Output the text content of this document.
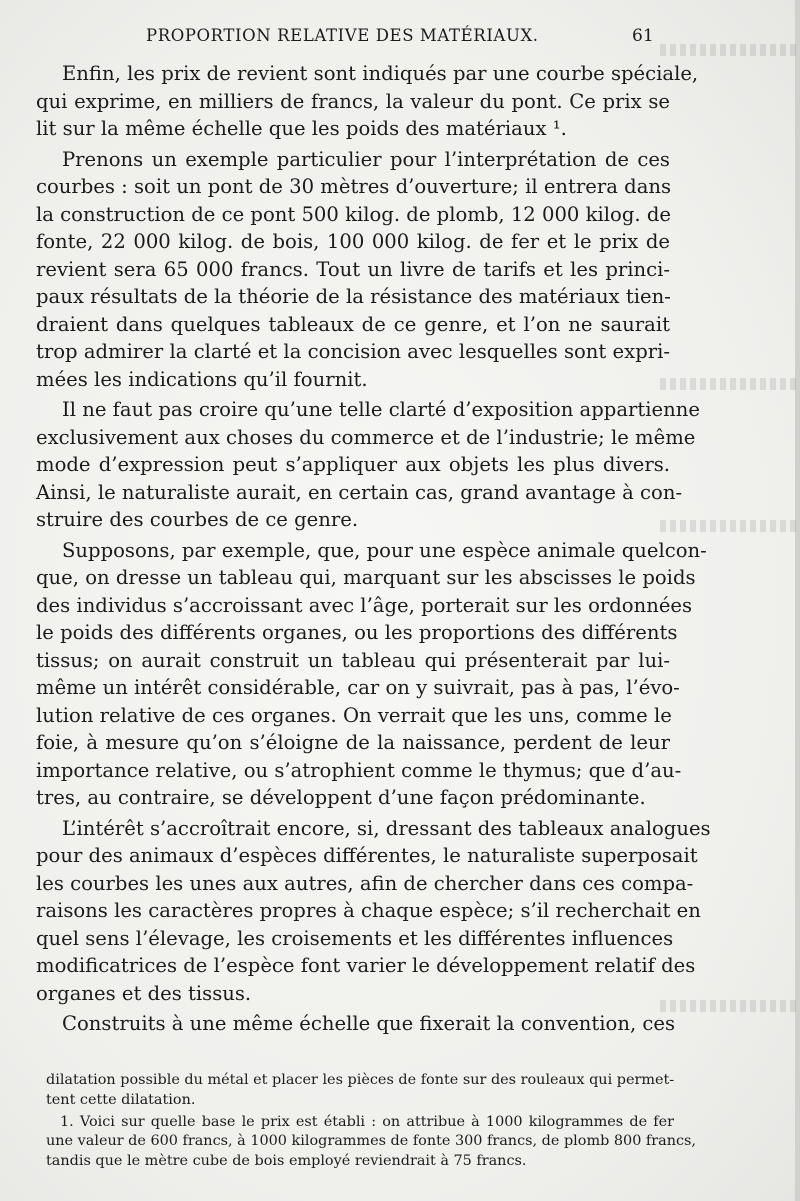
PROPORTION RELATIVE DES MATÉRIAUX.	61
Enfin, les prix de revient sont indiqués par une courbe spéciale,
qui exprime, en milliers de francs, la valeur du pont. Ce prix se
lit sur la même échelle que les poids des matériaux ¹.
Prenons un exemple particulier pour l’interprétation de ces
courbes : soit un pont de 30 mètres d’ouverture; il entrera dans
la construction de ce pont 500 kilog. de plomb, 12 000 kilog. de
fonte, 22 000 kilog. de bois, 100 000 kilog. de fer et le prix de
revient sera 65 000 francs. Tout un livre de tarifs et les princi-
paux résultats de la théorie de la résistance des matériaux tien-
draient dans quelques tableaux de ce genre, et l’on ne saurait
trop admirer la clarté et la concision avec lesquelles sont expri-
mées les indications qu’il fournit.
Il ne faut pas croire qu’une telle clarté d’exposition appartienne
exclusivement aux choses du commerce et de l’industrie; le même
mode d’expression peut s’appliquer aux objets les plus divers.
Ainsi, le naturaliste aurait, en certain cas, grand avantage à con-
struire des courbes de ce genre.
Supposons, par exemple, que, pour une espèce animale quelcon-
que, on dresse un tableau qui, marquant sur les abscisses le poids
des individus s’accroissant avec l’âge, porterait sur les ordonnées
le poids des différents organes, ou les proportions des différents
tissus; on aurait construit un tableau qui présenterait par lui-
même un intérêt considérable, car on y suivrait, pas à pas, l’évo-
lution relative de ces organes. On verrait que les uns, comme le
foie, à mesure qu’on s’éloigne de la naissance, perdent de leur
importance relative, ou s’atrophient comme le thymus; que d’au-
tres, au contraire, se développent d’une façon prédominante.
L’intérêt s’accroîtrait encore, si, dressant des tableaux analogues
pour des animaux d’espèces différentes, le naturaliste superposait
les courbes les unes aux autres, afin de chercher dans ces compa-
raisons les caractères propres à chaque espèce; s’il recherchait en
quel sens l’élevage, les croisements et les différentes influences
modificatrices de l’espèce font varier le développement relatif des
organes et des tissus.
Construits à une même échelle que fixerait la convention, ces
dilatation possible du métal et placer les pièces de fonte sur des rouleaux qui permet-
tent cette dilatation.
1. Voici sur quelle base le prix est établi : on attribue à 1000 kilogrammes de fer
une valeur de 600 francs, à 1000 kilogrammes de fonte 300 francs, de plomb 800 francs,
tandis que le mètre cube de bois employé reviendrait à 75 francs.
